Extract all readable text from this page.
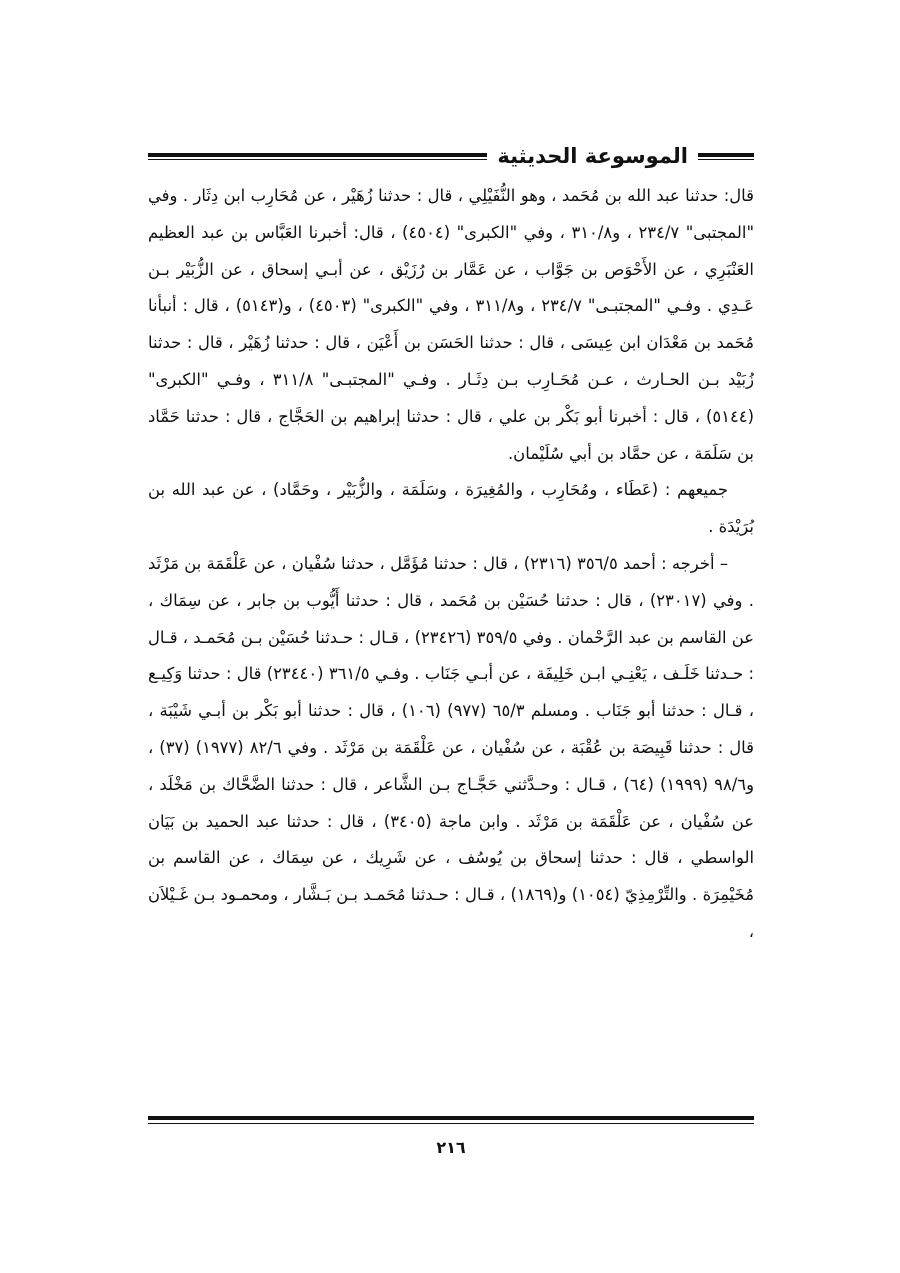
الموسوعة الحديثية

قال: حدثنا عبد الله بن مُحَمد ، وهو النُّفَيْلِي ، قال : حدثنا زُهَيْر ، عن مُحَارِب ابن دِثَار . وفي "المجتبى" ٢٣٤/٧ ، و٣١٠/٨ ، وفي "الكبرى" (٤٥٠٤) ، قال: أخبرنا العَبَّاس بن عبد العظيم العَنْبَرِي ، عن الأَحْوَص بن جَوَّاب ، عن عَمَّار بن رُزَيْق ، عن أبـي إسحاق ، عن الزُّبَيْر بـن عَـدِي . وفـي "المجتبـى" ٢٣٤/٧ ، و٣١١/٨ ، وفي "الكبرى" (٤٥٠٣) ، و(٥١٤٣) ، قال : أنبأنا مُحَمد بن مَعْدَان ابن عِيسَى ، قال : حدثنا الحَسَن بن أَعْيَن ، قال : حدثنا زُهَيْر ، قال : حدثنا زُبَيْد بـن الحـارث ، عـن مُحَـارِب بـن دِثَـار . وفـي "المجتبـى" ٣١١/٨ ، وفـي "الكبرى" (٥١٤٤) ، قال : أخبرنا أبو بَكْر بن علي ، قال : حدثنا إبراهيم بن الحَجَّاج ، قال : حدثنا حَمَّاد بن سَلَمَة ، عن حمَّاد بن أبي سُلَيْمان.

جميعهم : (عَطَاء ، ومُحَارِب ، والمُغِيرَة ، وسَلَمَة ، والزُّبَيْر ، وحَمَّاد) ، عن عبد الله بن بُرَيْدَة .

– أخرجه : أحمد ٣٥٦/٥ (٢٣١٦) ، قال : حدثنا مُؤَمَّل ، حدثنا سُفْيان ، عن عَلْقَمَة بن مَرْثَد . وفي (٢٣٠١٧) ، قال : حدثنا حُسَيْن بن مُحَمد ، قال : حدثنا أَيُّوب بن جابر ، عن سِمَاك ، عن القاسم بن عبد الرَّحْمان . وفي ٣٥٩/٥ (٢٣٤٢٦) ، قـال : حـدثنا حُسَيْن بـن مُحَمـد ، قـال : حـدثنا خَلَـف ، يَعْنِـي ابـن خَلِيفَة ، عن أبـي جَنَاب . وفـي ٣٦١/٥ (٢٣٤٤٠) قال : حدثنا وَكِيـع ، قـال : حدثنا أبو جَنَاب . ومسلم ٦٥/٣ (٩٧٧) (١٠٦) ، قال : حدثنا أبو بَكْر بن أبـي شَيْبَة ، قال : حدثنا قَبِيصَة بن عُقْبَة ، عن سُفْيان ، عن عَلْقَمَة بن مَرْثَد . وفي ٨٢/٦ (١٩٧٧) (٣٧) ، و٩٨/٦ (١٩٩٩) (٦٤) ، قـال : وحـدَّثني حَجَّـاج بـن الشَّاعر ، قال : حدثنا الضَّحَّاك بن مَخْلَد ، عن سُفْيان ، عن عَلْقَمَة بن مَرْثَد . وابن ماجة (٣٤٠٥) ، قال : حدثنا عبد الحميد بن بَيَان الواسطي ، قال : حدثنا إسحاق بن يُوسُف ، عن شَرِيك ، عن سِمَاك ، عن القاسم بن مُخَيْمِرَة . والتِّرْمِذِيّ (١٠٥٤) و(١٨٦٩) ، قـال : حـدثنا مُحَمـد بـن بَـشَّار ، ومحمـود بـن غَـيْلاَن ،

٢١٦
